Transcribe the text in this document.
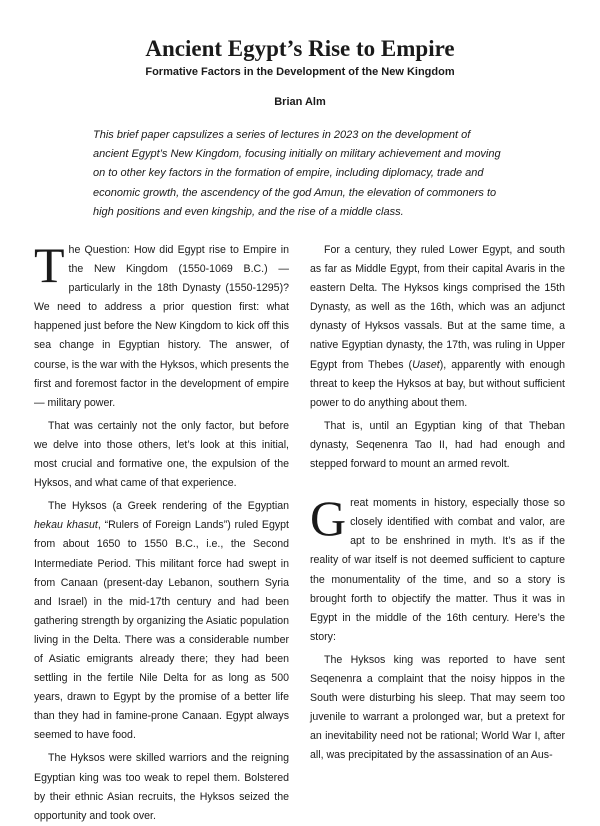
Ancient Egypt’s Rise to Empire
Formative Factors in the Development of the New Kingdom
Brian Alm

This brief paper capsulizes a series of lectures in 2023 on the development of ancient Egypt’s New Kingdom, focusing initially on military achievement and moving on to other key factors in the formation of empire, including diplomacy, trade and economic growth, the ascendency of the god Amun, the elevation of commoners to high positions and even kingship, and the rise of a middle class.

The Question: How did Egypt rise to Empire in the New Kingdom (1550-1069 B.C.) — particularly in the 18th Dynasty (1550-1295)? We need to address a prior question first: what happened just before the New Kingdom to kick off this sea change in Egyptian history. The answer, of course, is the war with the Hyksos, which presents the first and foremost factor in the development of empire — military power.

That was certainly not the only factor, but before we delve into those others, let’s look at this initial, most crucial and formative one, the expulsion of the Hyksos, and what came of that experience.

The Hyksos (a Greek rendering of the Egyptian hekau khasut, “Rulers of Foreign Lands”) ruled Egypt from about 1650 to 1550 B.C., i.e., the Second Intermediate Period. This militant force had swept in from Canaan (present-day Lebanon, southern Syria and Israel) in the mid-17th century and had been gathering strength by organizing the Asiatic population living in the Delta. There was a considerable number of Asiatic emigrants already there; they had been settling in the fertile Nile Delta for as long as 500 years, drawn to Egypt by the promise of a better life than they had in famine-prone Canaan. Egypt always seemed to have food.

The Hyksos were skilled warriors and the reigning Egyptian king was too weak to repel them. Bolstered by their ethnic Asian recruits, the Hyksos seized the opportunity and took over.

For a century, they ruled Lower Egypt, and south as far as Middle Egypt, from their capital Avaris in the eastern Delta. The Hyksos kings comprised the 15th Dynasty, as well as the 16th, which was an adjunct dynasty of Hyksos vassals. But at the same time, a native Egyptian dynasty, the 17th, was ruling in Upper Egypt from Thebes (Uaset), apparently with enough threat to keep the Hyksos at bay, but without sufficient power to do anything about them.

That is, until an Egyptian king of that Theban dynasty, Seqenenra Tao II, had had enough and stepped forward to mount an armed revolt.

Great moments in history, especially those so closely identified with combat and valor, are apt to be enshrined in myth. It’s as if the reality of war itself is not deemed sufficient to capture the monumentality of the time, and so a story is brought forth to objectify the matter. Thus it was in Egypt in the middle of the 16th century. Here’s the story:

The Hyksos king was reported to have sent Seqenenra a complaint that the noisy hippos in the South were disturbing his sleep. That may seem too juvenile to warrant a prolonged war, but a pretext for an inevitability need not be rational; World War I, after all, was precipitated by the assassination of an Aus-
